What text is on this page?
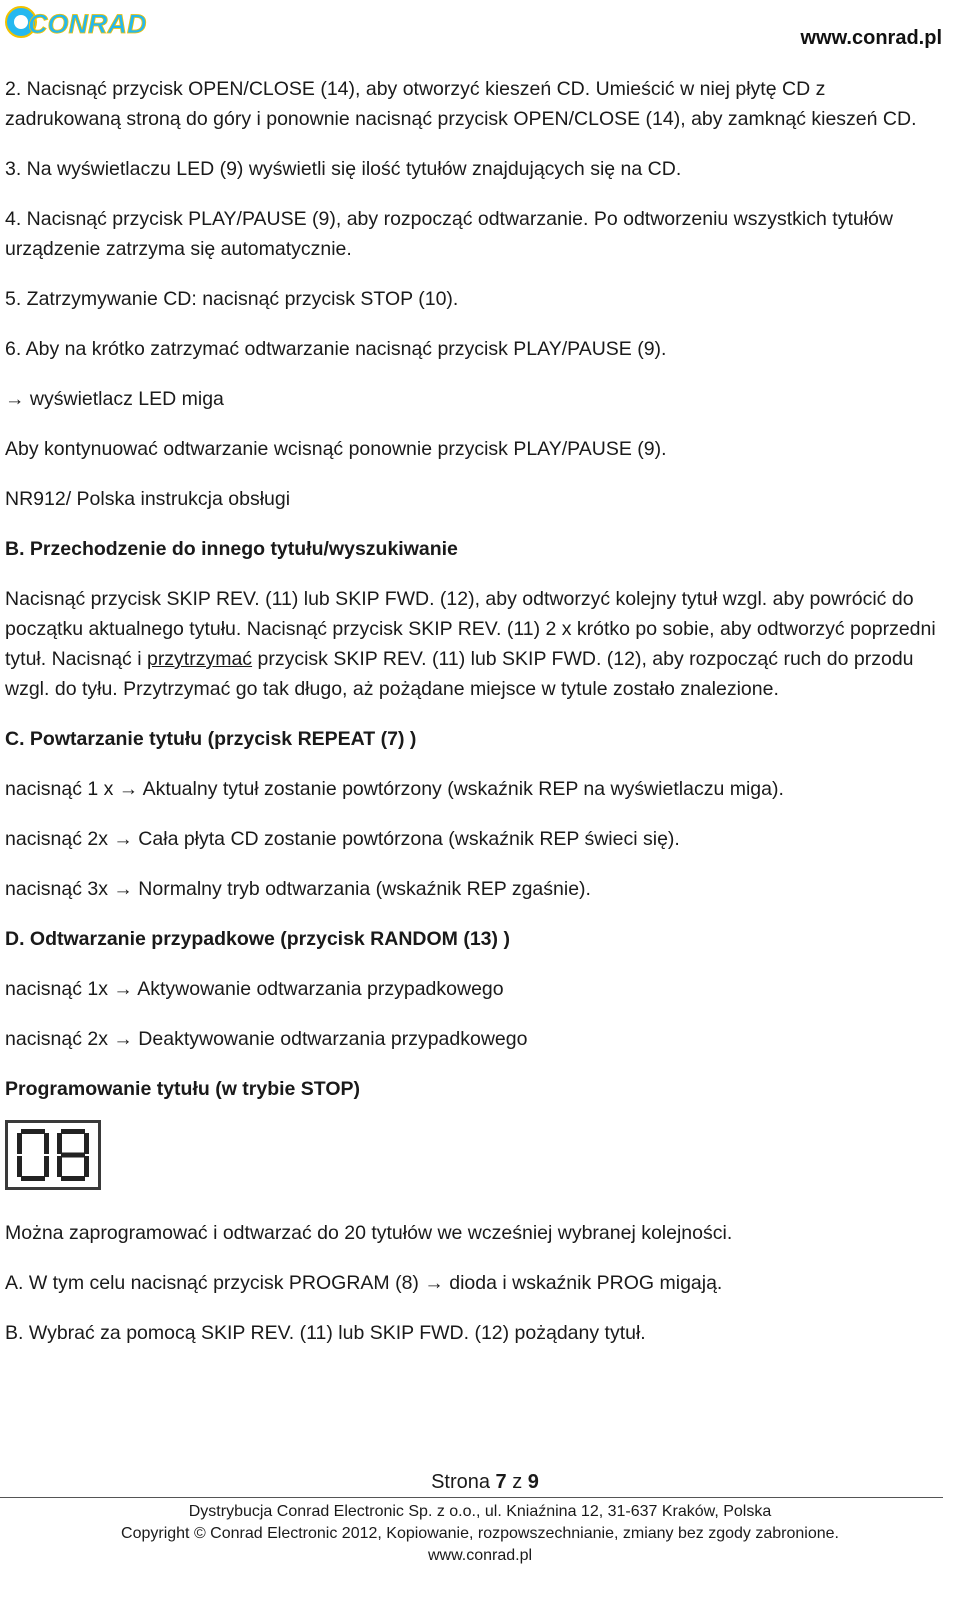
CONRAD	www.conrad.pl

2. Nacisnąć przycisk OPEN/CLOSE (14), aby otworzyć kieszeń CD. Umieścić w niej płytę CD z zadrukowaną stroną do góry i ponownie nacisnąć przycisk OPEN/CLOSE (14), aby zamknąć kieszeń CD.

3. Na wyświetlaczu LED (9) wyświetli się ilość tytułów znajdujących się na CD.

4. Nacisnąć przycisk PLAY/PAUSE (9), aby rozpocząć odtwarzanie. Po odtworzeniu wszystkich tytułów urządzenie zatrzyma się automatycznie.

5. Zatrzymywanie CD: nacisnąć przycisk STOP (10).

6. Aby na krótko zatrzymać odtwarzanie nacisnąć przycisk PLAY/PAUSE (9).

→ wyświetlacz LED miga

Aby kontynuować odtwarzanie wcisnąć ponownie przycisk PLAY/PAUSE (9).

NR912/ Polska instrukcja obsługi

B. Przechodzenie do innego tytułu/wyszukiwanie

Nacisnąć przycisk SKIP REV. (11) lub SKIP FWD. (12), aby odtworzyć kolejny tytuł wzgl. aby powrócić do początku aktualnego tytułu. Nacisnąć przycisk SKIP REV. (11) 2 x krótko po sobie, aby odtworzyć poprzedni tytuł. Nacisnąć i przytrzymać przycisk SKIP REV. (11) lub SKIP FWD. (12), aby rozpocząć ruch do przodu wzgl. do tyłu. Przytrzymać go tak długo, aż pożądane miejsce w tytule zostało znalezione.

C. Powtarzanie tytułu (przycisk REPEAT (7) )

nacisnąć 1 x → Aktualny tytuł zostanie powtórzony (wskaźnik REP na wyświetlaczu miga).

nacisnąć 2x → Cała płyta CD zostanie powtórzona (wskaźnik REP świeci się).

nacisnąć 3x → Normalny tryb odtwarzania (wskaźnik REP zgaśnie).

D. Odtwarzanie przypadkowe (przycisk RANDOM (13) )

nacisnąć 1x → Aktywowanie odtwarzania przypadkowego

nacisnąć 2x → Deaktywowanie odtwarzania przypadkowego

Programowanie tytułu (w trybie STOP)

Można zaprogramować i odtwarzać do 20 tytułów we wcześniej wybranej kolejności.

A. W tym celu nacisnąć przycisk PROGRAM (8) → dioda i wskaźnik PROG migają.

B. Wybrać za pomocą SKIP REV. (11) lub SKIP FWD. (12) pożądany tytuł.

Strona 7 z 9
Dystrybucja Conrad Electronic Sp. z o.o., ul. Kniaźnina 12, 31-637 Kraków, Polska
Copyright © Conrad Electronic 2012, Kopiowanie, rozpowszechnianie, zmiany bez zgody zabronione.
www.conrad.pl
